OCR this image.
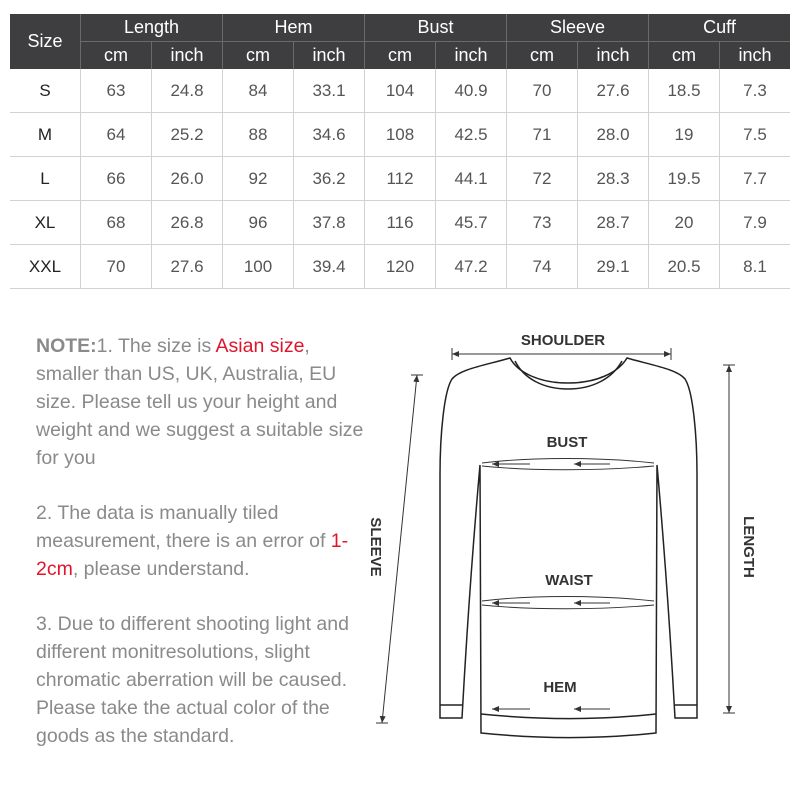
Size	Length		Hem		Bust		Sleeve		Cuff	
	cm	inch	cm	inch	cm	inch	cm	inch	cm	inch
S	63	24.8	84	33.1	104	40.9	70	27.6	18.5	7.3
M	64	25.2	88	34.6	108	42.5	71	28.0	19	7.5
L	66	26.0	92	36.2	112	44.1	72	28.3	19.5	7.7
XL	68	26.8	96	37.8	116	45.7	73	28.7	20	7.9
XXL	70	27.6	100	39.4	120	47.2	74	29.1	20.5	8.1

NOTE:1. The size is Asian size, smaller than US, UK, Australia, EU size. Please tell us your height and weight and we suggest a suitable size for you

2. The data is manually tiled measurement, there is an error of 1-2cm, please understand.

3. Due to different shooting light and different monitresolutions, slight chromatic aberration will be caused. Please take the actual color of the goods as the standard.

SHOULDER
BUST
WAIST
HEM
SLEEVE	LENGTH
